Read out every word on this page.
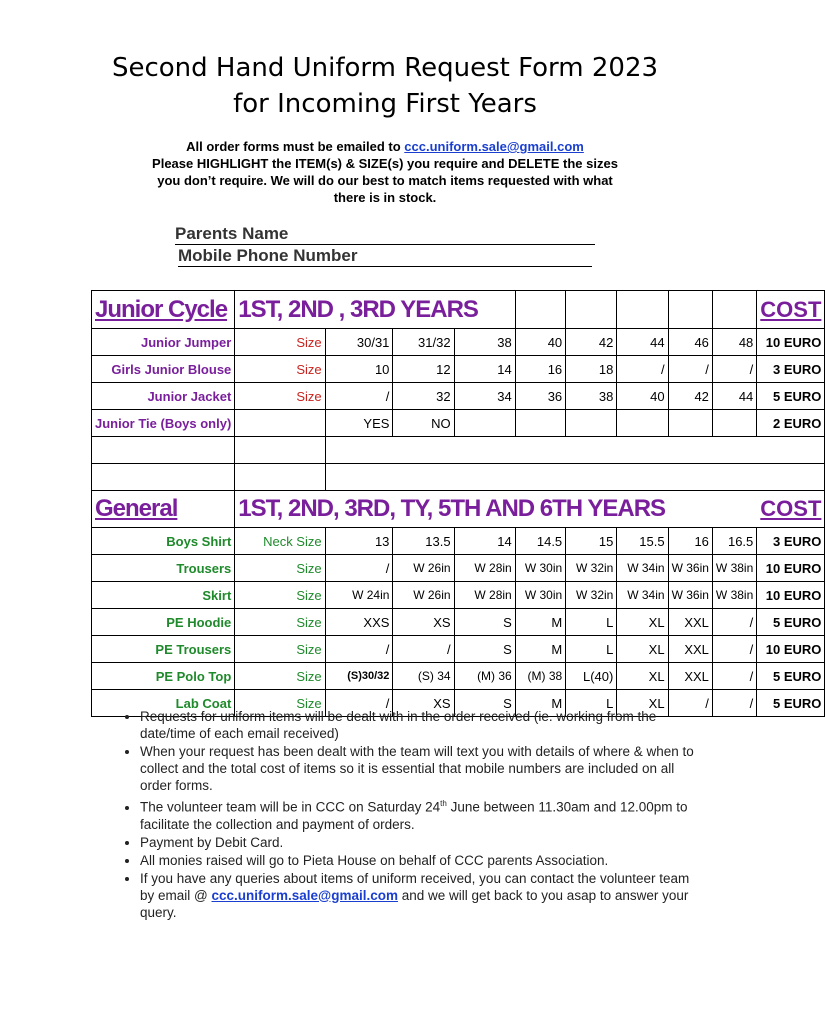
Second Hand Uniform Request Form 2023
for Incoming First Years
All order forms must be emailed to ccc.uniform.sale@gmail.com
Please HIGHLIGHT the ITEM(s) & SIZE(s) you require and DELETE the sizes
you don’t require. We will do our best to match items requested with what
there is in stock.
Parents Name
Mobile Phone Number
Junior Cycle	1ST, 2ND , 3RD YEARS									COST
Junior Jumper	Size	30/31	31/32	38	40	42	44	46	48	10 EURO
Girls Junior Blouse	Size	10	12	14	16	18	/	/	/	3 EURO
Junior Jacket	Size	/	32	34	36	38	40	42	44	5 EURO
Junior Tie (Boys only)		YES	NO							2 EURO

General	1ST, 2ND, 3RD, TY, 5TH AND 6TH YEARS									COST
Boys Shirt	Neck Size	13	13.5	14	14.5	15	15.5	16	16.5	3 EURO
Trousers	Size	/	W 26in	W 28in	W 30in	W 32in	W 34in	W 36in	W 38in	10 EURO
Skirt	Size	W 24in	W 26in	W 28in	W 30in	W 32in	W 34in	W 36in	W 38in	10 EURO
PE Hoodie	Size	XXS	XS	S	M	L	XL	XXL	/	5 EURO
PE Trousers	Size	/	/	S	M	L	XL	XXL	/	10 EURO
PE Polo Top	Size	(S)30/32	(S) 34	(M) 36	(M) 38	L(40)	XL	XXL	/	5 EURO
Lab Coat	Size	/	XS	S	M	L	XL	/	/	5 EURO
• Requests for uniform items will be dealt with in the order received (ie. working from the date/time of each email received)
• When your request has been dealt with the team will text you with details of where & when to collect and the total cost of items so it is essential that mobile numbers are included on all order forms.
• The volunteer team will be in CCC on Saturday 24th June between 11.30am and 12.00pm to facilitate the collection and payment of orders.
• Payment by Debit Card.
• All monies raised will go to Pieta House on behalf of CCC parents Association.
• If you have any queries about items of uniform received, you can contact the volunteer team by email @ ccc.uniform.sale@gmail.com and we will get back to you asap to answer your query.
